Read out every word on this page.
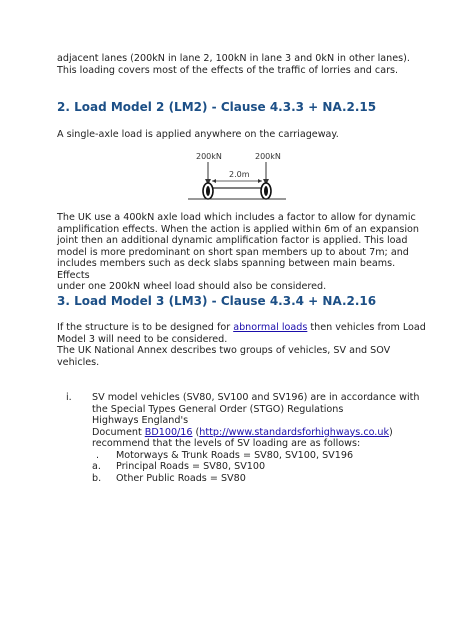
adjacent lanes (200kN in lane 2, 100kN in lane 3 and 0kN in other lanes).
This loading covers most of the effects of the traffic of lorries and cars.

2. Load Model 2 (LM2) - Clause 4.3.3 + NA.2.15

A single-axle load is applied anywhere on the carriageway.

200kN	200kN
2.0m

The UK use a 400kN axle load which includes a factor to allow for dynamic
amplification effects. When the action is applied within 6m of an expansion
joint then an additional dynamic amplification factor is applied. This load
model is more predominant on short span members up to about 7m; and
includes members such as deck slabs spanning between main beams. Effects
under one 200kN wheel load should also be considered.

3. Load Model 3 (LM3) - Clause 4.3.4 + NA.2.16

If the structure is to be designed for abnormal loads then vehicles from Load
Model 3 will need to be considered.
The UK National Annex describes two groups of vehicles, SV and SOV
vehicles.

i. SV model vehicles (SV80, SV100 and SV196) are in accordance with
the Special Types General Order (STGO) Regulations
Highways England's
Document BD100/16 (http://www.standardsforhighways.co.uk)
recommend that the levels of SV loading are as follows:
. Motorways & Trunk Roads = SV80, SV100, SV196
a. Principal Roads = SV80, SV100
b. Other Public Roads = SV80
